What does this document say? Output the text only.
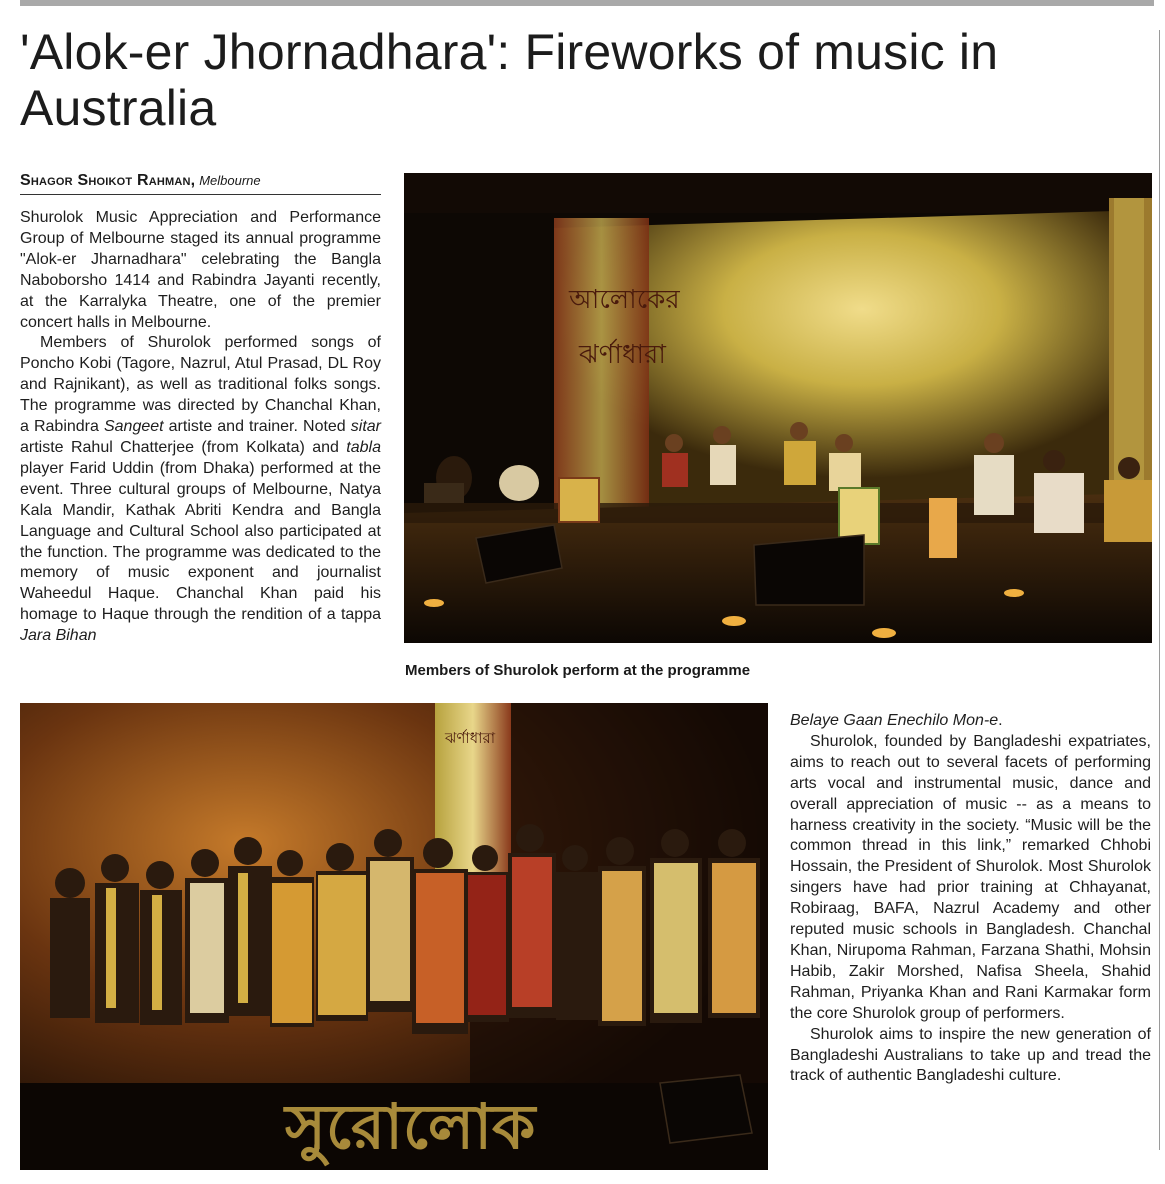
'Alok-er Jhornadhara': Fireworks of music in Australia
Shagor Shoikot Rahman, Melbourne

Shurolok Music Appreciation and Performance Group of Melbourne staged its annual programme "Alok-er Jharnadhara" celebrating the Bangla Naboborsho 1414 and Rabindra Jayanti recently, at the Karralyka Theatre, one of the premier concert halls in Melbourne.

Members of Shurolok performed songs of Poncho Kobi (Tagore, Nazrul, Atul Prasad, DL Roy and Rajnikant), as well as traditional folks songs. The programme was directed by Chanchal Khan, a Rabindra Sangeet artiste and trainer. Noted sitar artiste Rahul Chatterjee (from Kolkata) and tabla player Farid Uddin (from Dhaka) performed at the event. Three cultural groups of Melbourne, Natya Kala Mandir, Kathak Abriti Kendra and Bangla Language and Cultural School also participated at the function. The programme was dedicated to the memory of music exponent and journalist Waheedul Haque. Chanchal Khan paid his homage to Haque through the rendition of a tappa Jara Bihan

আলোকের
ঝর্ণাধারা
Members of Shurolok perform at the programme
ঝর্ণাধারা
সুরোলোক

Belaye Gaan Enechilo Mon-e.

Shurolok, founded by Bangladeshi expatriates, aims to reach out to several facets of performing arts vocal and instrumental music, dance and overall appreciation of music -- as a means to harness creativity in the society. “Music will be the common thread in this link,” remarked Chhobi Hossain, the President of Shurolok. Most Shurolok singers have had prior training at Chhayanat, Robiraag, BAFA, Nazrul Academy and other reputed music schools in Bangladesh. Chanchal Khan, Nirupoma Rahman, Farzana Shathi, Mohsin Habib, Zakir Morshed, Nafisa Sheela, Shahid Rahman, Priyanka Khan and Rani Karmakar form the core Shurolok group of performers.

Shurolok aims to inspire the new generation of Bangladeshi Australians to take up and tread the track of authentic Bangladeshi culture.
